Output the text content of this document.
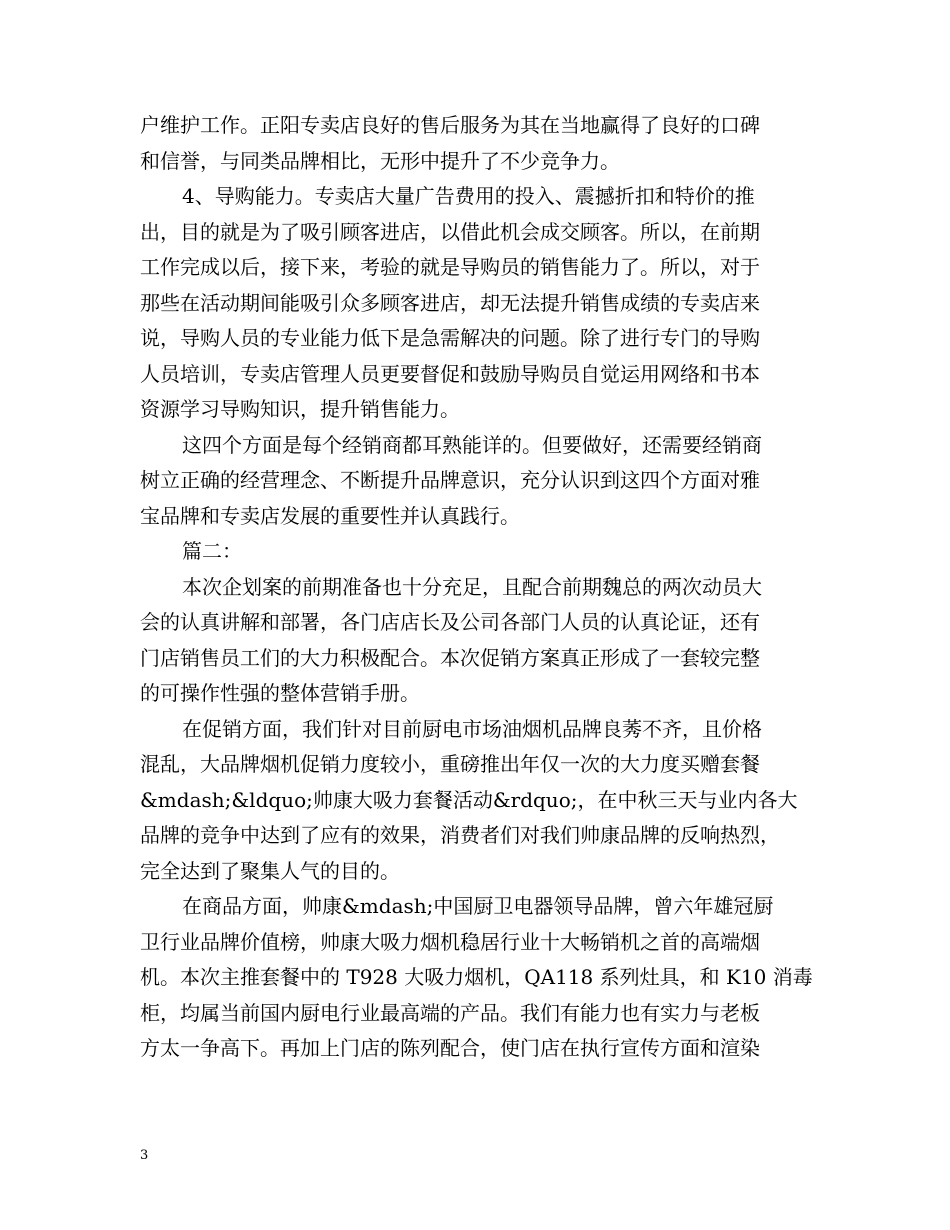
户维护工作。正阳专卖店良好的售后服务为其在当地赢得了良好的口碑
和信誉，与同类品牌相比，无形中提升了不少竞争力。
4、导购能力。专卖店大量广告费用的投入、震撼折扣和特价的推
出，目的就是为了吸引顾客进店，以借此机会成交顾客。所以，在前期
工作完成以后，接下来，考验的就是导购员的销售能力了。所以，对于
那些在活动期间能吸引众多顾客进店，却无法提升销售成绩的专卖店来
说，导购人员的专业能力低下是急需解决的问题。除了进行专门的导购
人员培训，专卖店管理人员更要督促和鼓励导购员自觉运用网络和书本
资源学习导购知识，提升销售能力。
这四个方面是每个经销商都耳熟能详的。但要做好，还需要经销商
树立正确的经营理念、不断提升品牌意识，充分认识到这四个方面对雅
宝品牌和专卖店发展的重要性并认真践行。
篇二：
本次企划案的前期准备也十分充足，且配合前期魏总的两次动员大
会的认真讲解和部署，各门店店长及公司各部门人员的认真论证，还有
门店销售员工们的大力积极配合。本次促销方案真正形成了一套较完整
的可操作性强的整体营销手册。
在促销方面，我们针对目前厨电市场油烟机品牌良莠不齐，且价格
混乱，大品牌烟机促销力度较小，重磅推出年仅一次的大力度买赠套餐
&mdash;&ldquo;帅康大吸力套餐活动&rdquo;，在中秋三天与业内各大
品牌的竞争中达到了应有的效果，消费者们对我们帅康品牌的反响热烈，
完全达到了聚集人气的目的。
在商品方面，帅康&mdash;中国厨卫电器领导品牌，曾六年雄冠厨
卫行业品牌价值榜，帅康大吸力烟机稳居行业十大畅销机之首的高端烟
机。本次主推套餐中的 T928 大吸力烟机，QA118 系列灶具，和 K10 消毒
柜，均属当前国内厨电行业最高端的产品。我们有能力也有实力与老板
方太一争高下。再加上门店的陈列配合，使门店在执行宣传方面和渲染
3
